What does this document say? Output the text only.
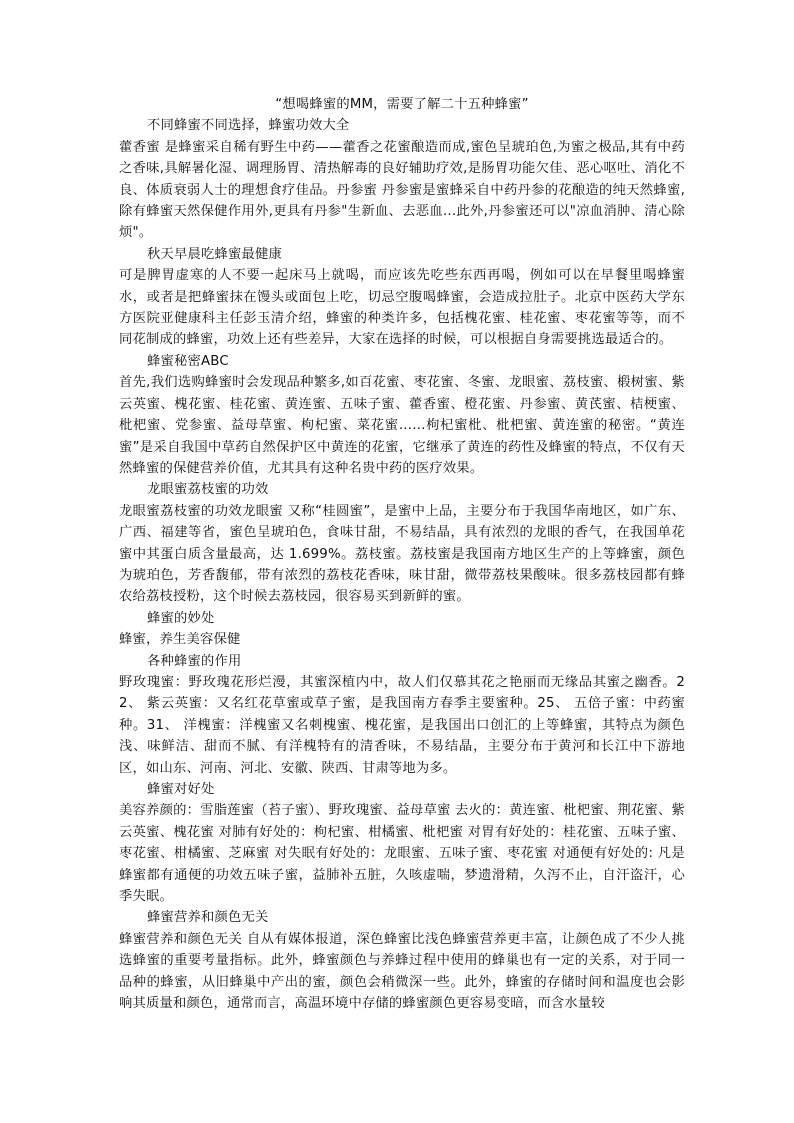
“想喝蜂蜜的MM，需要了解二十五种蜂蜜”

不同蜂蜜不同选择，蜂蜜功效大全

藿香蜜 是蜂蜜采自稀有野生中药——藿香之花蜜酿造而成,蜜色呈琥珀色,为蜜之极品,其有中药之香味,具解暑化湿、调理肠胃、清热解毒的良好辅助疗效,是肠胃功能欠佳、恶心呕吐、消化不良、体质衰弱人士的理想食疗佳品。丹参蜜 丹参蜜是蜜蜂采自中药丹参的花酿造的纯天然蜂蜜,除有蜂蜜天然保健作用外,更具有丹参"生新血、去恶血...此外,丹参蜜还可以"凉血消肿、清心除烦"。

秋天早晨吃蜂蜜最健康

可是脾胃虚寒的人不要一起床马上就喝，而应该先吃些东西再喝，例如可以在早餐里喝蜂蜜水，或者是把蜂蜜抹在馒头或面包上吃，切忌空腹喝蜂蜜，会造成拉肚子。北京中医药大学东方医院亚健康科主任彭玉清介绍，蜂蜜的种类许多，包括槐花蜜、桂花蜜、枣花蜜等等，而不同花制成的蜂蜜，功效上还有些差异，大家在选择的时候，可以根据自身需要挑选最适合的。

蜂蜜秘密ABC

首先,我们选购蜂蜜时会发现品种繁多,如百花蜜、枣花蜜、冬蜜、龙眼蜜、荔枝蜜、椴树蜜、紫云英蜜、槐花蜜、桂花蜜、黄连蜜、五味子蜜、藿香蜜、橙花蜜、丹参蜜、黄芪蜜、桔梗蜜、枇杷蜜、党参蜜、益母草蜜、枸杞蜜、菜花蜜……枸杞蜜枇、枇杷蜜、黄连蜜的秘密。“黄连蜜”是采自我国中草药自然保护区中黄连的花蜜，它继承了黄连的药性及蜂蜜的特点，不仅有天然蜂蜜的保健营养价值，尤其具有这种名贵中药的医疗效果。

龙眼蜜荔枝蜜的功效

龙眼蜜荔枝蜜的功效龙眼蜜 又称“桂圆蜜”，是蜜中上品，主要分布于我国华南地区，如广东、广西、福建等省，蜜色呈琥珀色，食味甘甜，不易结晶，具有浓烈的龙眼的香气，在我国单花蜜中其蛋白质含量最高，达 1.699%。荔枝蜜。荔枝蜜是我国南方地区生产的上等蜂蜜，颜色为琥珀色，芳香馥郁，带有浓烈的荔枝花香味，味甘甜，微带荔枝果酸味。很多荔枝园都有蜂农给荔枝授粉，这个时候去荔枝园，很容易买到新鲜的蜜。

蜂蜜的妙处

蜂蜜，养生美容保健

各种蜂蜜的作用

野玫瑰蜜：野玫瑰花形烂漫，其蜜深植内中，故人们仅慕其花之艳丽而无缘品其蜜之幽香。22、 紫云英蜜：又名红花草蜜或草子蜜，是我国南方春季主要蜜种。25、 五倍子蜜：中药蜜种。31、 洋槐蜜：洋槐蜜又名刺槐蜜、槐花蜜，是我国出口创汇的上等蜂蜜，其特点为颜色浅、味鲜洁、甜而不腻、有洋槐特有的清香味，不易结晶，主要分布于黄河和长江中下游地区，如山东、河南、河北、安徽、陕西、甘肃等地为多。

蜂蜜对好处

美容养颜的：雪脂莲蜜（苔子蜜）、野玫瑰蜜、益母草蜜 去火的：黄连蜜、枇杷蜜、荆花蜜、紫云英蜜、槐花蜜 对肺有好处的：枸杞蜜、柑橘蜜、枇杷蜜 对胃有好处的：桂花蜜、五味子蜜、枣花蜜、柑橘蜜、芝麻蜜 对失眠有好处的：龙眼蜜、五味子蜜、枣花蜜 对通便有好处的: 凡是蜂蜜都有通便的功效五味子蜜，益肺补五脏，久咳虚喘，梦遗滑精，久泻不止，自汗盗汗，心季失眠。

蜂蜜营养和颜色无关

蜂蜜营养和颜色无关 自从有媒体报道，深色蜂蜜比浅色蜂蜜营养更丰富，让颜色成了不少人挑选蜂蜜的重要考量指标。此外，蜂蜜颜色与养蜂过程中使用的蜂巢也有一定的关系，对于同一品种的蜂蜜，从旧蜂巢中产出的蜜，颜色会稍微深一些。此外，蜂蜜的存储时间和温度也会影响其质量和颜色，通常而言，高温环境中存储的蜂蜜颜色更容易变暗，而含水量较
